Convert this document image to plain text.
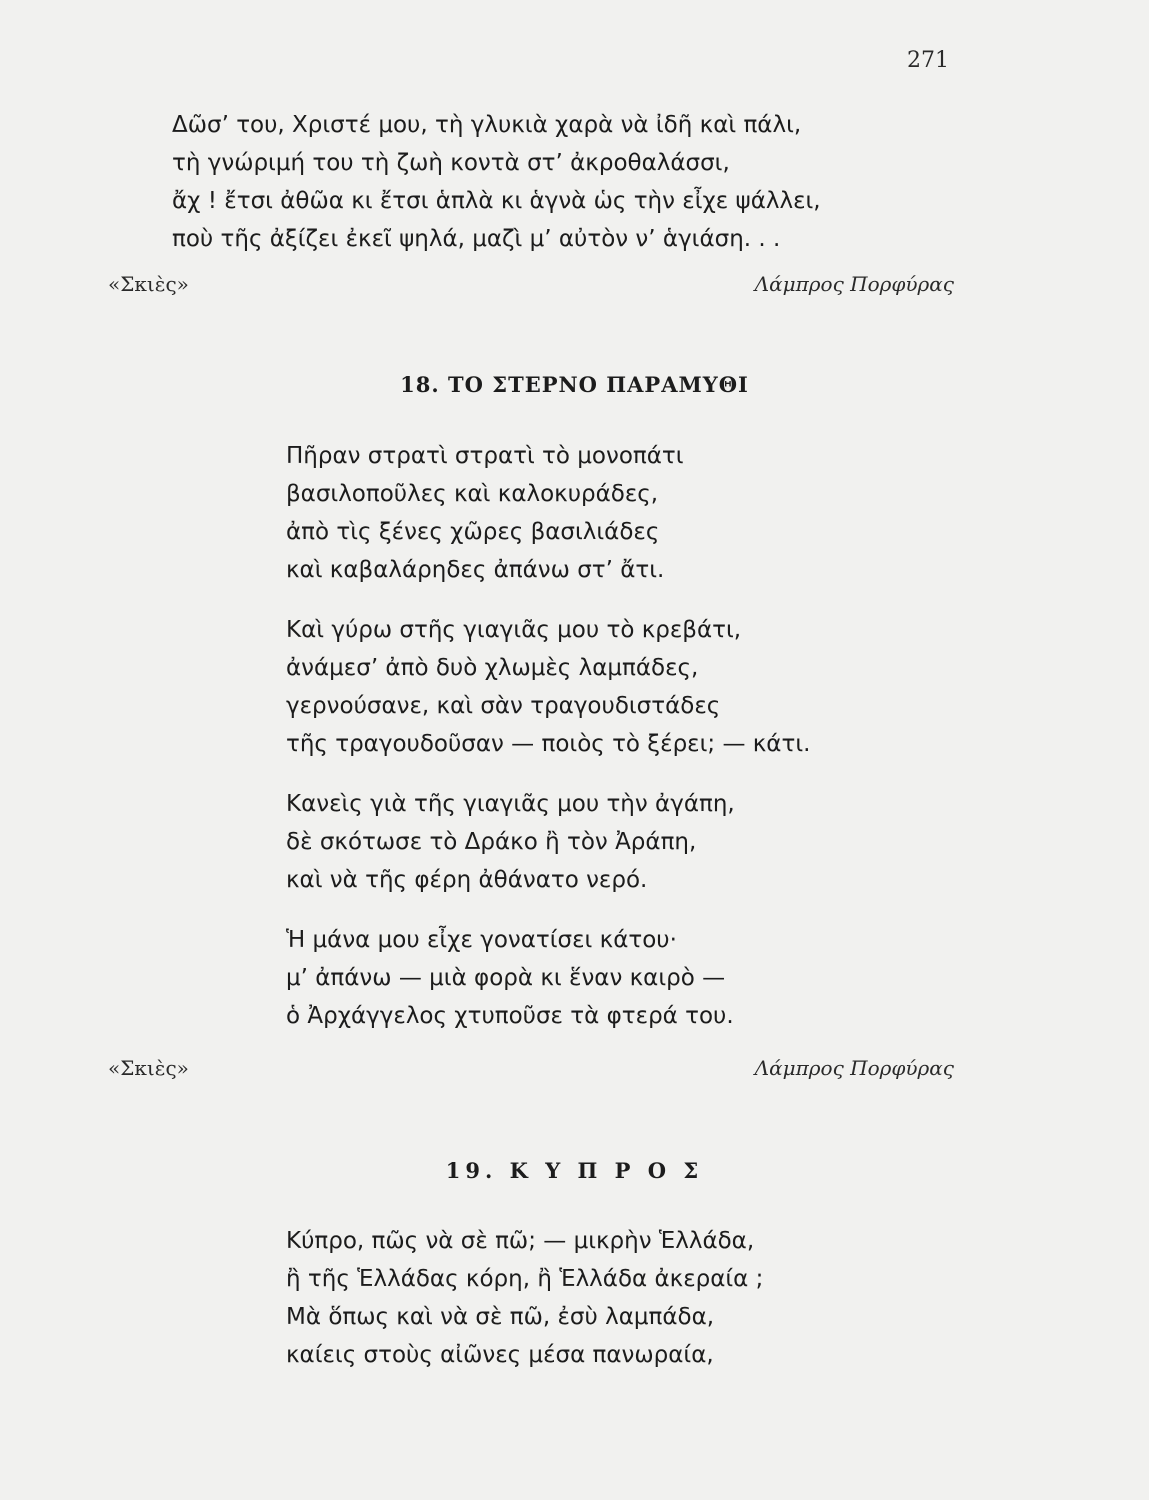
271
Δῶσ’ του, Χριστέ μου, τὴ γλυκιὰ χαρὰ νὰ ἰδῆ καὶ πάλι,
τὴ γνώριμή του τὴ ζωὴ κοντὰ στ’ ἀκροθαλάσσι,
ἄχ ! ἔτσι ἀθῶα κι ἔτσι ἁπλὰ κι ἁγνὰ ὡς τὴν εἶχε ψάλλει,
ποὺ τῆς ἀξίζει ἐκεῖ ψηλά, μαζὶ μ’ αὐτὸν ν’ ἁγιάση. . .
«Σκιὲς»	Λάμπρος Πορφύρας
18. ΤΟ ΣΤΕΡΝΟ ΠΑΡΑΜΥΘΙ
Πῆραν στρατὶ στρατὶ τὸ μονοπάτι
βασιλοποῦλες καὶ καλοκυράδες,
ἀπὸ τὶς ξένες χῶρες βασιλιάδες
καὶ καβαλάρηδες ἀπάνω στ’ ἄτι.
Καὶ γύρω στῆς γιαγιᾶς μου τὸ κρεβάτι,
ἀνάμεσ’ ἀπὸ δυὸ χλωμὲς λαμπάδες,
γερνούσανε, καὶ σὰν τραγουδιστάδες
τῆς τραγουδοῦσαν — ποιὸς τὸ ξέρει; — κάτι.
Κανεὶς γιὰ τῆς γιαγιᾶς μου τὴν ἀγάπη,
δὲ σκότωσε τὸ Δράκο ἢ τὸν Ἀράπη,
καὶ νὰ τῆς φέρη ἀθάνατο νερό.
Ἡ μάνα μου εἶχε γονατίσει κάτου·
μ’ ἀπάνω — μιὰ φορὰ κι ἕναν καιρὸ —
ὁ Ἀρχάγγελος χτυποῦσε τὰ φτερά του.
«Σκιὲς»	Λάμπρος Πορφύρας
19. Κ Υ Π Ρ Ο Σ
Κύπρο, πῶς νὰ σὲ πῶ; — μικρὴν Ἑλλάδα,
ἢ τῆς Ἑλλάδας κόρη, ἢ Ἑλλάδα ἀκεραία ;
Μὰ ὅπως καὶ νὰ σὲ πῶ, ἐσὺ λαμπάδα,
καίεις στοὺς αἰῶνες μέσα πανωραία,
